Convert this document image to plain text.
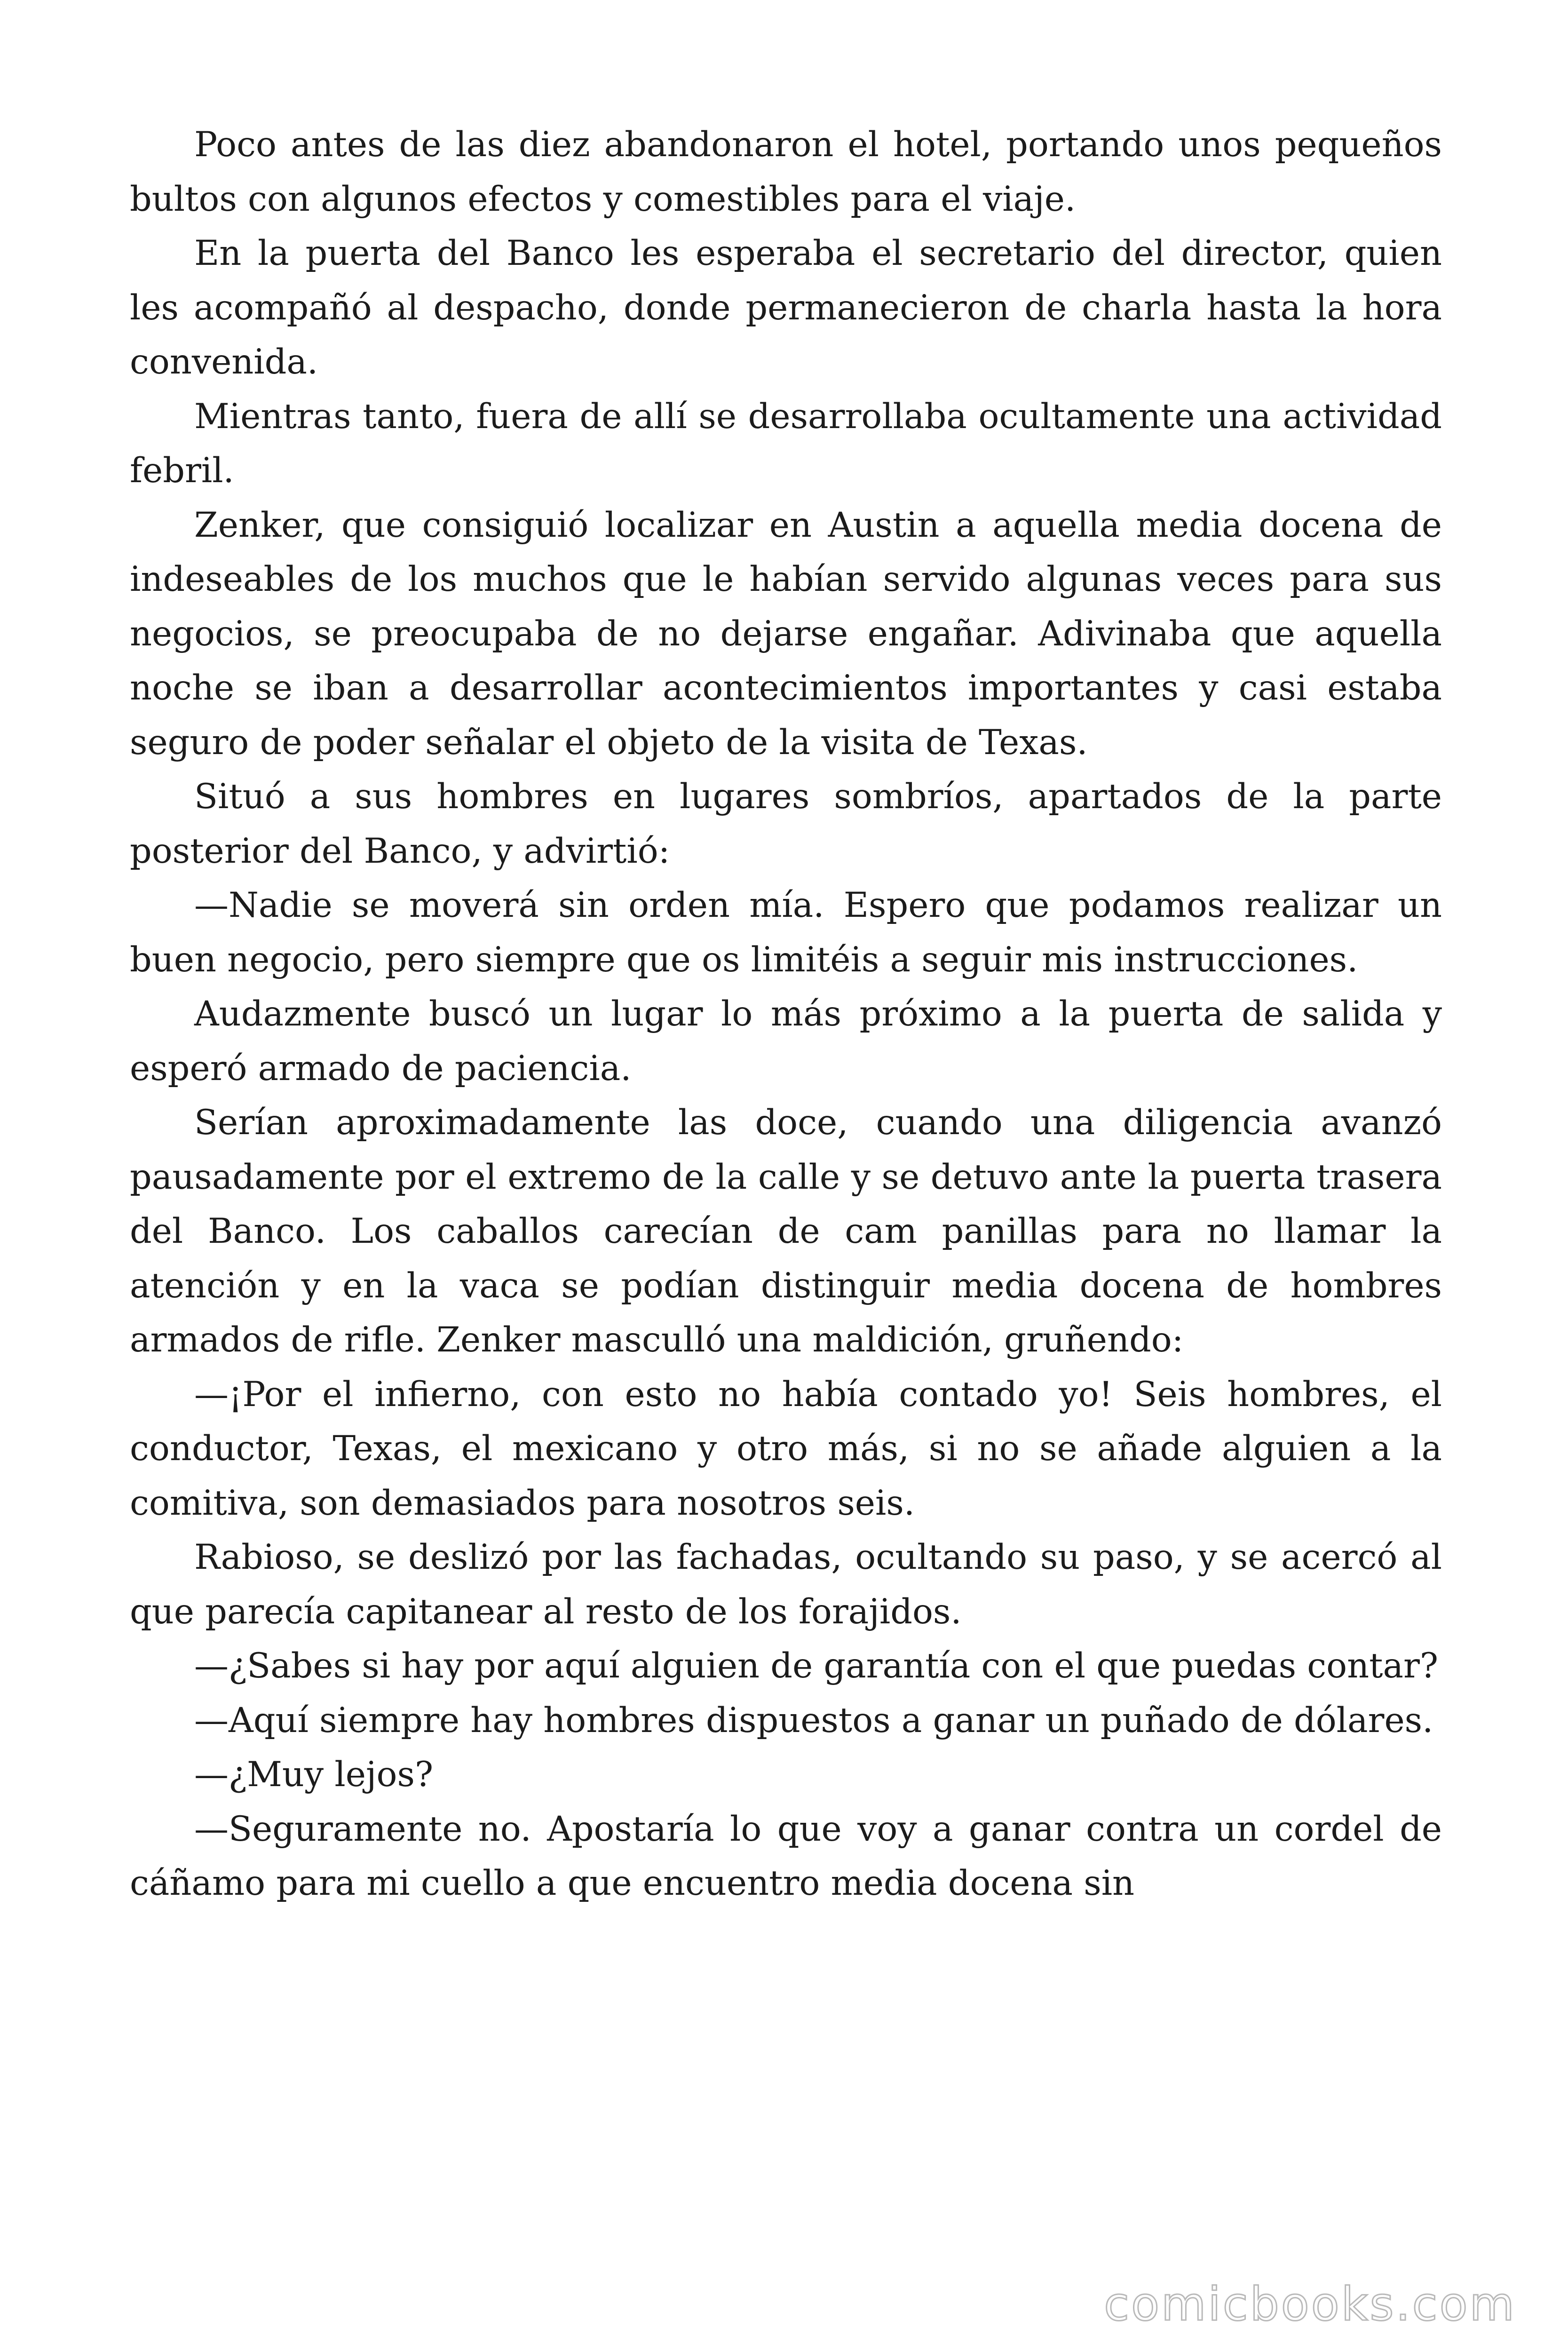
Poco antes de las diez abandonaron el hotel, portando unos pequeños bultos con algunos efectos y comestibles para el viaje.

En la puerta del Banco les esperaba el secretario del director, quien les acompañó al despacho, donde permanecieron de charla hasta la hora convenida.

Mientras tanto, fuera de allí se desarrollaba ocultamente una actividad febril.

Zenker, que consiguió localizar en Austin a aquella media docena de indeseables de los muchos que le habían servido algunas veces para sus negocios, se preocupaba de no dejarse engañar. Adivinaba que aquella noche se iban a desarrollar acontecimientos importantes y casi estaba seguro de poder señalar el objeto de la visita de Texas.

Situó a sus hombres en lugares sombríos, apartados de la parte posterior del Banco, y advirtió:

—Nadie se moverá sin orden mía. Espero que podamos realizar un buen negocio, pero siempre que os limitéis a seguir mis instrucciones.

Audazmente buscó un lugar lo más próximo a la puerta de salida y esperó armado de paciencia.

Serían aproximadamente las doce, cuando una diligencia avanzó pausadamente por el extremo de la calle y se detuvo ante la puerta trasera del Banco. Los caballos carecían de cam panillas para no llamar la atención y en la vaca se podían distinguir media docena de hombres armados de rifle. Zenker masculló una maldición, gruñendo:

—¡Por el infierno, con esto no había contado yo! Seis hombres, el conductor, Texas, el mexicano y otro más, si no se añade alguien a la comitiva, son demasiados para nosotros seis.

Rabioso, se deslizó por las fachadas, ocultando su paso, y se acercó al que parecía capitanear al resto de los forajidos.

—¿Sabes si hay por aquí alguien de garantía con el que puedas contar?

—Aquí siempre hay hombres dispuestos a ganar un puñado de dólares.

—¿Muy lejos?

—Seguramente no. Apostaría lo que voy a ganar contra un cordel de cáñamo para mi cuello a que encuentro media docena sin

comicbooks.com
